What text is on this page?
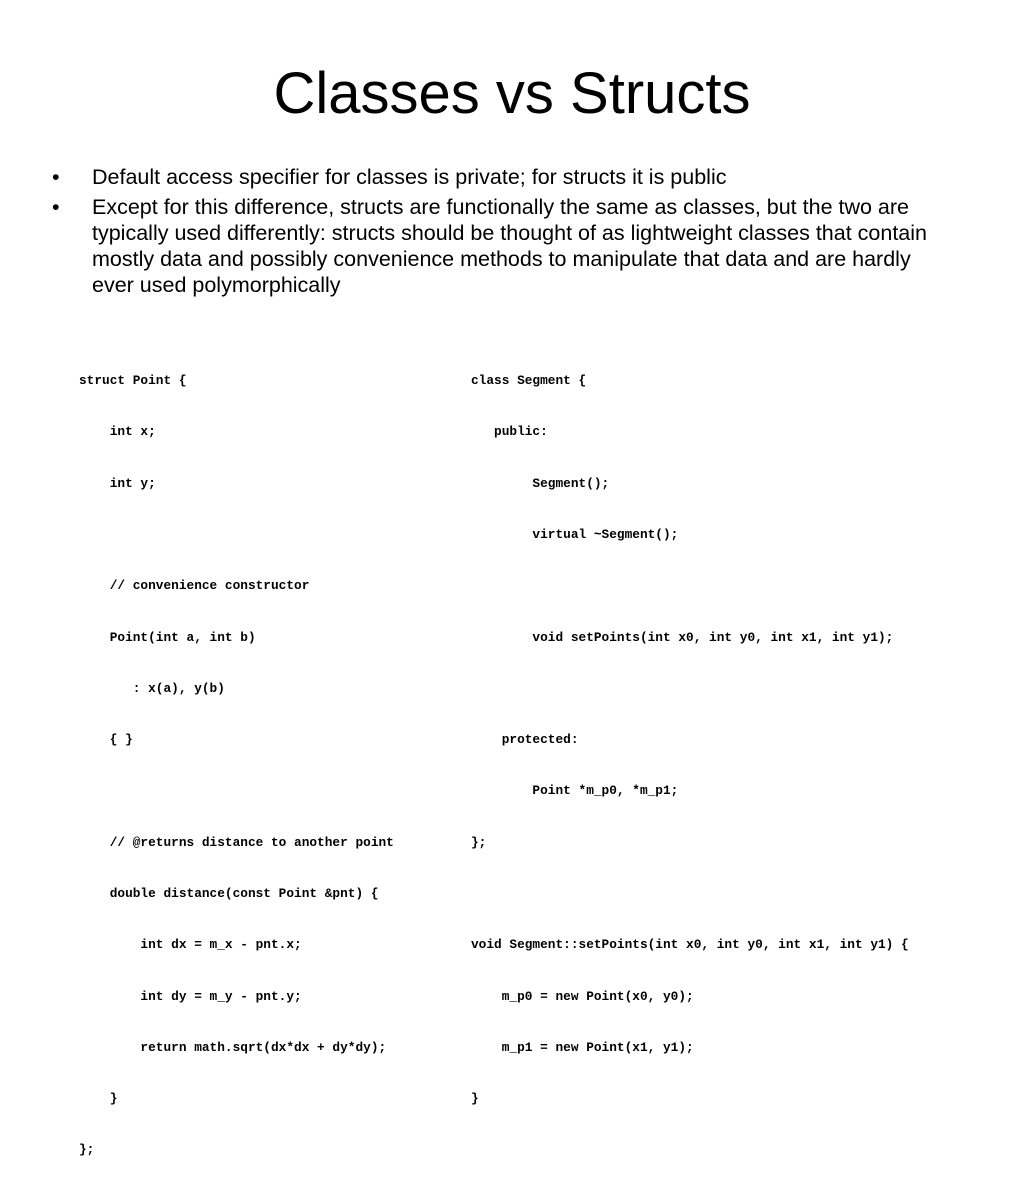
Classes vs Structs
•	Default access specifier for classes is private; for structs it is public
•	Except for this difference, structs are functionally the same as classes, but the two are typically used differently: structs should be thought of as lightweight classes that contain mostly data and possibly convenience methods to manipulate that data and are hardly ever used polymorphically

struct Point {

int x;

int y;

// convenience constructor

Point(int a, int b)

: x(a), y(b)

{ }

// @returns distance to another point

double distance(const Point &pnt) {

int dx = m_x - pnt.x;

int dy = m_y - pnt.y;

return math.sqrt(dx*dx + dy*dy);

}

};

class Segment {

public:

Segment();

virtual ~Segment();

void setPoints(int x0, int y0, int x1, int y1);

protected:

Point *m_p0, *m_p1;

};

void Segment::setPoints(int x0, int y0, int x1, int y1) {

m_p0 = new Point(x0, y0);

m_p1 = new Point(x1, y1);

}
